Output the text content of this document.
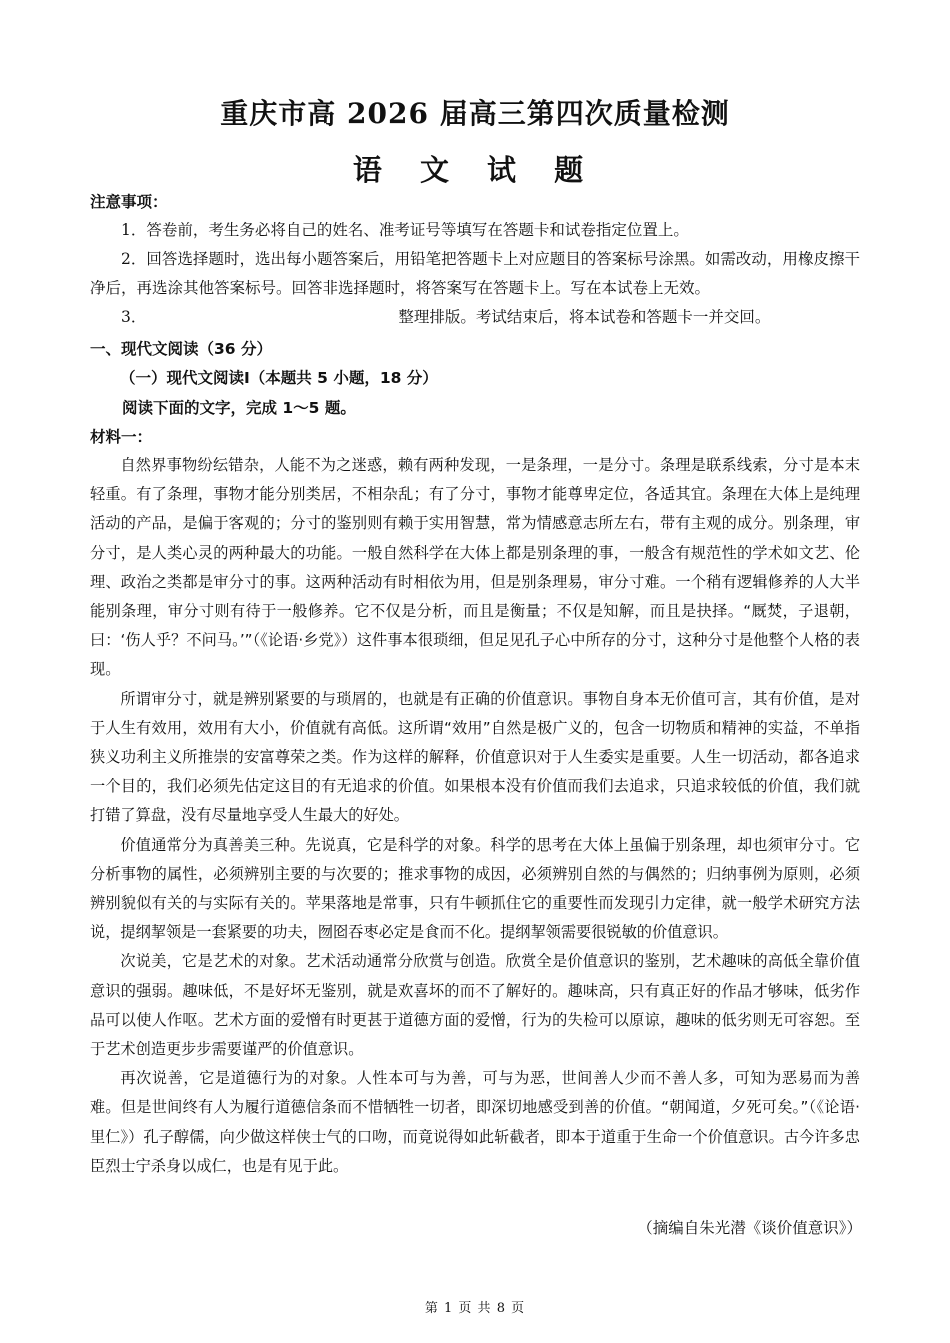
重庆市高 2026 届高三第四次质量检测
语 文 试 题
注意事项：

1．答卷前，考生务必将自己的姓名、准考证号等填写在答题卡和试卷指定位置上。

2．回答选择题时，选出每小题答案后，用铅笔把答题卡上对应题目的答案标号涂黑。如需改动，用橡皮擦干净后，再选涂其他答案标号。回答非选择题时，将答案写在答题卡上。写在本试卷上无效。

3．	整理排版。考试结束后，将本试卷和答题卡一并交回。

一、现代文阅读（36 分）
（一）现代文阅读Ⅰ（本题共 5 小题，18 分）
阅读下面的文字，完成 1～5 题。
材料一：

自然界事物纷纭错杂，人能不为之迷惑，赖有两种发现，一是条理，一是分寸。条理是联系线索，分寸是本末轻重。有了条理，事物才能分别类居，不相杂乱；有了分寸，事物才能尊卑定位，各适其宜。条理在大体上是纯理活动的产品，是偏于客观的；分寸的鉴别则有赖于实用智慧，常为情感意志所左右，带有主观的成分。别条理，审分寸，是人类心灵的两种最大的功能。一般自然科学在大体上都是别条理的事，一般含有规范性的学术如文艺、伦理、政治之类都是审分寸的事。这两种活动有时相依为用，但是别条理易，审分寸难。一个稍有逻辑修养的人大半能别条理，审分寸则有待于一般修养。它不仅是分析，而且是衡量；不仅是知解，而且是抉择。“厩焚，子退朝，曰：‘伤人乎？不问马。’”（《论语·乡党》）这件事本很琐细，但足见孔子心中所存的分寸，这种分寸是他整个人格的表现。

所谓审分寸，就是辨别紧要的与琐屑的，也就是有正确的价值意识。事物自身本无价值可言，其有价值，是对于人生有效用，效用有大小，价值就有高低。这所谓“效用”自然是极广义的，包含一切物质和精神的实益，不单指狭义功利主义所推崇的安富尊荣之类。作为这样的解释，价值意识对于人生委实是重要。人生一切活动，都各追求一个目的，我们必须先估定这目的有无追求的价值。如果根本没有价值而我们去追求，只追求较低的价值，我们就打错了算盘，没有尽量地享受人生最大的好处。

价值通常分为真善美三种。先说真，它是科学的对象。科学的思考在大体上虽偏于别条理，却也须审分寸。它分析事物的属性，必须辨别主要的与次要的；推求事物的成因，必须辨别自然的与偶然的；归纳事例为原则，必须辨别貌似有关的与实际有关的。苹果落地是常事，只有牛顿抓住它的重要性而发现引力定律，就一般学术研究方法说，提纲挈领是一套紧要的功夫，囫囵吞枣必定是食而不化。提纲挈领需要很锐敏的价值意识。

次说美，它是艺术的对象。艺术活动通常分欣赏与创造。欣赏全是价值意识的鉴别，艺术趣味的高低全靠价值意识的强弱。趣味低，不是好坏无鉴别，就是欢喜坏的而不了解好的。趣味高，只有真正好的作品才够味，低劣作品可以使人作呕。艺术方面的爱憎有时更甚于道德方面的爱憎，行为的失检可以原谅，趣味的低劣则无可容恕。至于艺术创造更步步需要谨严的价值意识。

再次说善，它是道德行为的对象。人性本可与为善，可与为恶，世间善人少而不善人多，可知为恶易而为善难。但是世间终有人为履行道德信条而不惜牺牲一切者，即深切地感受到善的价值。“朝闻道，夕死可矣。”（《论语·里仁》）孔子醇儒，向少做这样侠士气的口吻，而竟说得如此斩截者，即本于道重于生命一个价值意识。古今许多忠臣烈士宁杀身以成仁，也是有见于此。

（摘编自朱光潜《谈价值意识》）
第 1 页 共 8 页
